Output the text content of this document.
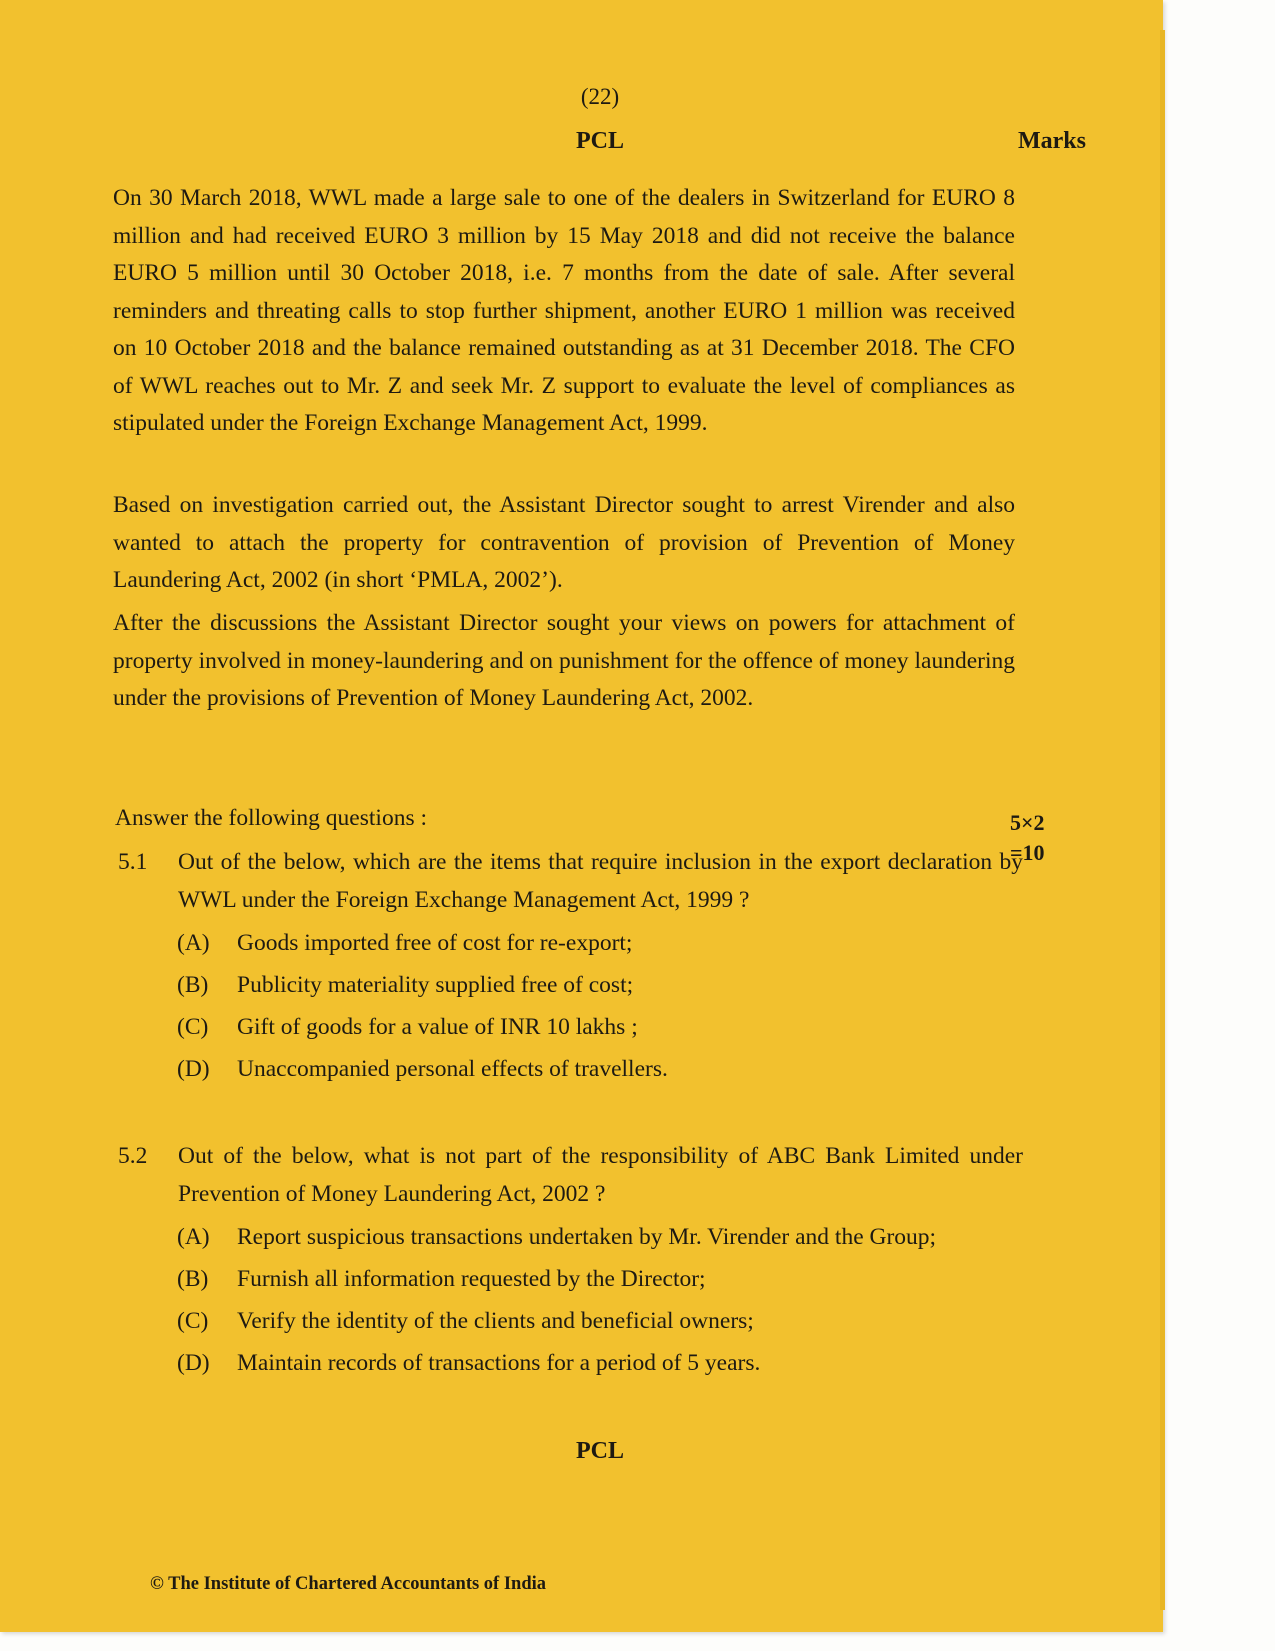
(22)
PCL	Marks

On 30 March 2018, WWL made a large sale to one of the dealers in Switzerland for EURO 8 million and had received EURO 3 million by 15 May 2018 and did not receive the balance EURO 5 million until 30 October 2018, i.e. 7 months from the date of sale. After several reminders and threating calls to stop further shipment, another EURO 1 million was received on 10 October 2018 and the balance remained outstanding as at 31 December 2018. The CFO of WWL reaches out to Mr. Z and seek Mr. Z support to evaluate the level of compliances as stipulated under the Foreign Exchange Management Act, 1999.

Based on investigation carried out, the Assistant Director sought to arrest Virender and also wanted to attach the property for contravention of provision of Prevention of Money Laundering Act, 2002 (in short ‘PMLA, 2002’).

After the discussions the Assistant Director sought your views on powers for attachment of property involved in money-laundering and on punishment for the offence of money laundering under the provisions of Prevention of Money Laundering Act, 2002.

Answer the following questions :	5×2
=10
5.1 Out of the below, which are the items that require inclusion in the export declaration by WWL under the Foreign Exchange Management Act, 1999 ?
(A) Goods imported free of cost for re-export;
(B) Publicity materiality supplied free of cost;
(C) Gift of goods for a value of INR 10 lakhs ;
(D) Unaccompanied personal effects of travellers.
5.2 Out of the below, what is not part of the responsibility of ABC Bank Limited under Prevention of Money Laundering Act, 2002 ?
(A) Report suspicious transactions undertaken by Mr. Virender and the Group;
(B) Furnish all information requested by the Director;
(C) Verify the identity of the clients and beneficial owners;
(D) Maintain records of transactions for a period of 5 years.
PCL
© The Institute of Chartered Accountants of India
